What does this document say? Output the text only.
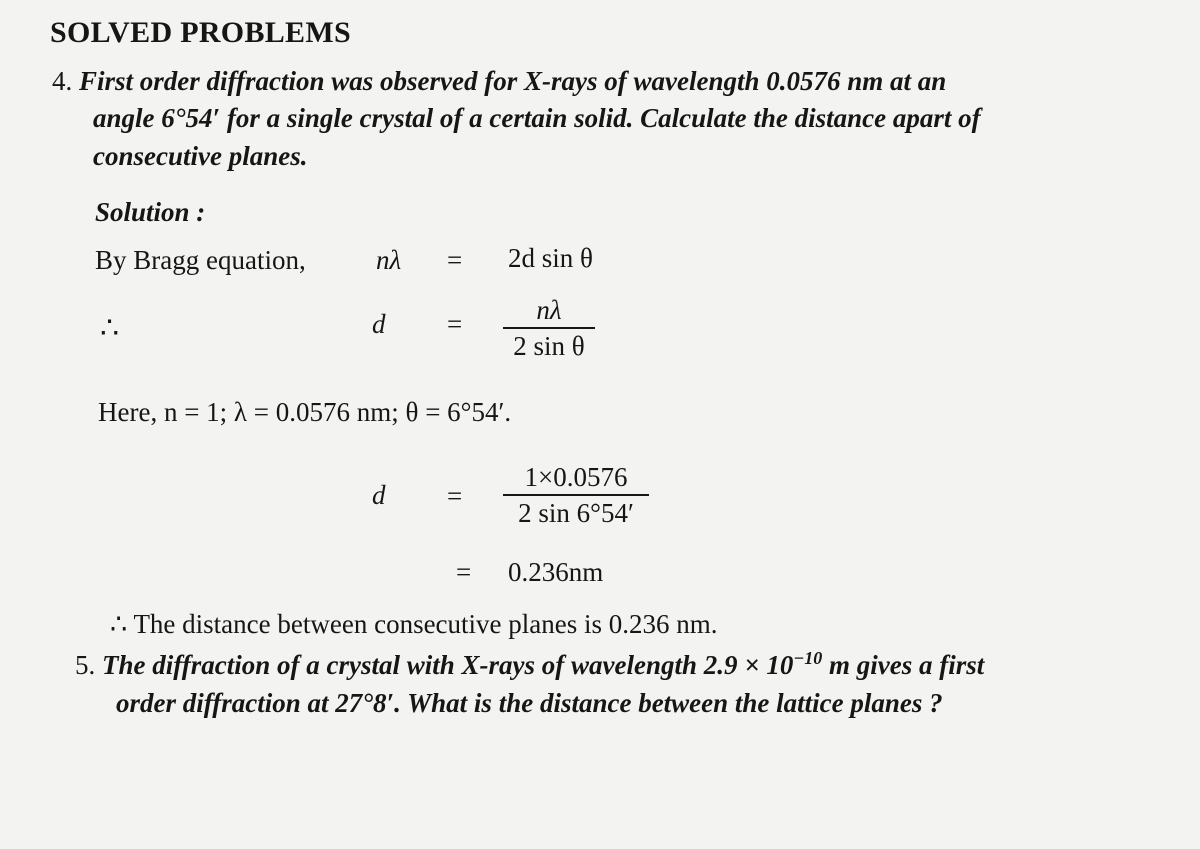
SOLVED PROBLEMS
4. First order diffraction was observed for X-rays of wavelength 0.0576 nm at an
angle 6°54′ for a single crystal of a certain solid. Calculate the distance apart of
consecutive planes.
Solution :
By Bragg equation,	nλ = 2d sin θ
∴	d =	nλ
2 sin θ
Here, n = 1; λ = 0.0576 nm; θ = 6°54′.
d =
1×0.0576
2 sin 6°54′
= 0.236nm
∴ The distance between consecutive planes is 0.236 nm.
5. The diffraction of a crystal with X-rays of wavelength $2.9 \times 10^{-10}$ m gives a first
order diffraction at 27°8′. What is the distance between the lattice planes ?
